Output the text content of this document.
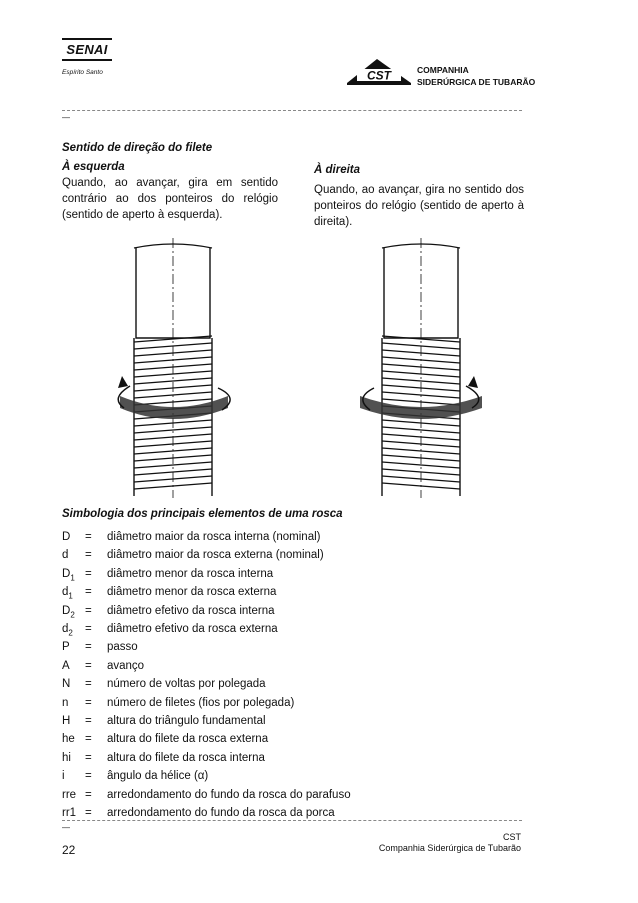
SENAI
Espírito Santo	CST	COMPANHIA
SIDERÚRGICA DE TUBARÃO
—
Sentido de direção do filete
À esquerda
Quando, ao avançar, gira em sentido contrário ao dos ponteiros do relógio (sentido de aperto à esquerda).
À direita
Quando, ao avançar, gira no sentido dos ponteiros do relógio (sentido de aperto à direita).
Simbologia dos principais elementos de uma rosca
D = diâmetro maior da rosca interna (nominal)
d = diâmetro maior da rosca externa (nominal)
$D_1$ = diâmetro menor da rosca interna
$d_1$ = diâmetro menor da rosca externa
$D_2$ = diâmetro efetivo da rosca interna
$d_2$ = diâmetro efetivo da rosca externa
P = passo
A = avanço
N = número de voltas por polegada
n = número de filetes (fios por polegada)
H = altura do triângulo fundamental
he = altura do filete da rosca externa
hi = altura do filete da rosca interna
i = ângulo da hélice (α)
rre = arredondamento do fundo da rosca do parafuso
rr1 = arredondamento do fundo da rosca da porca
—
22
CST
Companhia Siderúrgica de Tubarão
